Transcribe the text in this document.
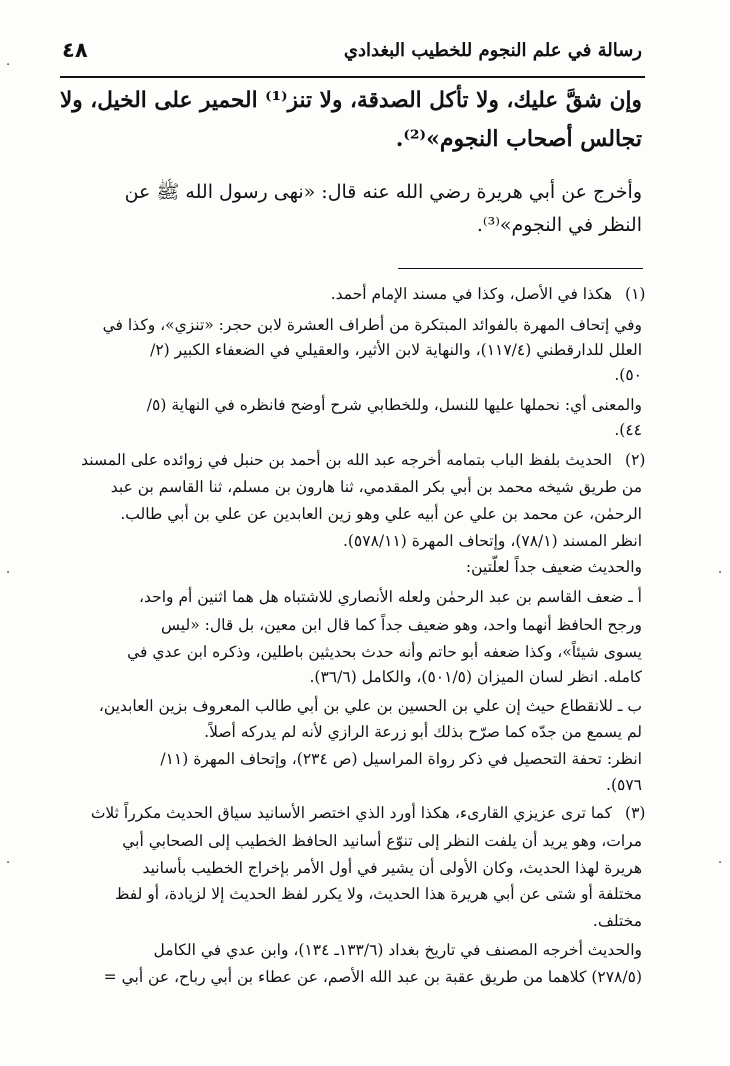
٤٨	رسالة في علم النجوم للخطيب البغدادي
وإن شقَّ عليك، ولا تأكل الصدقة، ولا تنز⁽¹⁾ الحمير على الخيل، ولا
تجالس أصحاب النجوم»⁽²⁾.
وأخرج عن أبي هريرة رضي الله عنه قال: «نهى رسول الله ﷺ عن
النظر في النجوم»⁽³⁾.
(١)
هكذا في الأصل، وكذا في مسند الإمام أحمد.
وفي إتحاف المهرة بالفوائد المبتكرة من أطراف العشرة لابن حجر: «تنزي»، وكذا في
العلل للدارقطني (١١٧/٤)، والنهاية لابن الأثير، والعقيلي في الضعفاء الكبير (٢/
٥٠).
والمعنى أي: نحملها عليها للنسل، وللخطابي شرح أوضح فانظره في النهاية (٥/
٤٤).
(٢)
الحديث بلفظ الباب بتمامه أخرجه عبد الله بن أحمد بن حنبل في زوائده على المسند
من طريق شيخه محمد بن أبي بكر المقدمي، ثنا هارون بن مسلم، ثنا القاسم بن عبد
الرحمٰن، عن محمد بن علي عن أبيه علي وهو زين العابدين عن علي بن أبي طالب.
انظر المسند (٧٨/١)، وإتحاف المهرة (٥٧٨/١١).
والحديث ضعيف جداً لعلّتين:
أ ـ ضعف القاسم بن عبد الرحمٰن ولعله الأنصاري للاشتباه هل هما اثنين أم واحد،
ورجح الحافظ أنهما واحد، وهو ضعيف جداً كما قال ابن معين، بل قال: «ليس
يسوى شيئاً»، وكذا ضعفه أبو حاتم وأنه حدث بحديثين باطلين، وذكره ابن عدي في
كامله. انظر لسان الميزان (٥٠١/٥)، والكامل (٣٦/٦).
ب ـ للانقطاع حيث إن علي بن الحسين بن علي بن أبي طالب المعروف بزين العابدين،
لم يسمع من جدّه كما صرّح بذلك أبو زرعة الرازي لأنه لم يدركه أصلاً.
انظر: تحفة التحصيل في ذكر رواة المراسيل (ص ٢٣٤)، وإتحاف المهرة (١١/
٥٧٦).
(٣)
كما ترى عزيزي القارىء، هكذا أورد الذي اختصر الأسانيد سياق الحديث مكرراً ثلاث
مرات، وهو يريد أن يلفت النظر إلى تنوّع أسانيد الحافظ الخطيب إلى الصحابي أبي
هريرة لهذا الحديث، وكان الأولى أن يشير في أول الأمر بإخراج الخطيب بأسانيد
مختلفة أو شتى عن أبي هريرة هذا الحديث، ولا يكرر لفظ الحديث إلا لزيادة، أو لفظ
مختلف.
والحديث أخرجه المصنف في تاريخ بغداد (١٣٣/٦ـ ١٣٤)، وابن عدي في الكامل
(٢٧٨/٥) كلاهما من طريق عقبة بن عبد الله الأصم، عن عطاء بن أبي رباح، عن أبي =
·
·
·
·
·
